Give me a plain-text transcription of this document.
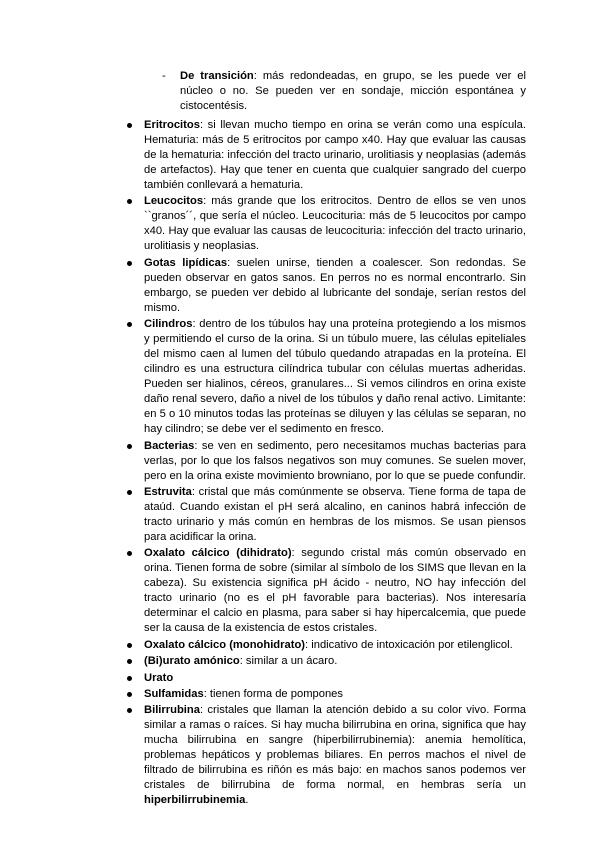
- De transición: más redondeadas, en grupo, se les puede ver el núcleo o no. Se pueden ver en sondaje, micción espontánea y cistocentésis.

Eritrocitos: si llevan mucho tiempo en orina se verán como una espícula. Hematuria: más de 5 eritrocitos por campo x40. Hay que evaluar las causas de la hematuria: infección del tracto urinario, urolitiasis y neoplasias (además de artefactos). Hay que tener en cuenta que cualquier sangrado del cuerpo también conllevará a hematuria.

Leucocitos: más grande que los eritrocitos. Dentro de ellos se ven unos ``granos´´, que sería el núcleo. Leucocituria: más de 5 leucocitos por campo x40. Hay que evaluar las causas de leucocituria: infección del tracto urinario, urolitiasis y neoplasias.

Gotas lipídicas: suelen unirse, tienden a coalescer. Son redondas. Se pueden observar en gatos sanos. En perros no es normal encontrarlo. Sin embargo, se pueden ver debido al lubricante del sondaje, serían restos del mismo.

Cilindros: dentro de los túbulos hay una proteína protegiendo a los mismos y permitiendo el curso de la orina. Si un túbulo muere, las células epiteliales del mismo caen al lumen del túbulo quedando atrapadas en la proteína. El cilindro es una estructura cilíndrica tubular con células muertas adheridas. Pueden ser hialinos, céreos, granulares... Si vemos cilindros en orina existe daño renal severo, daño a nivel de los túbulos y daño renal activo. Limitante: en 5 o 10 minutos todas las proteínas se diluyen y las células se separan, no hay cilindro; se debe ver el sedimento en fresco.

Bacterias: se ven en sedimento, pero necesitamos muchas bacterias para verlas, por lo que los falsos negativos son muy comunes. Se suelen mover, pero en la orina existe movimiento browniano, por lo que se puede confundir.

Estruvita: cristal que más comúnmente se observa. Tiene forma de tapa de ataúd. Cuando existan el pH será alcalino, en caninos habrá infección de tracto urinario y más común en hembras de los mismos. Se usan piensos para acidificar la orina.

Oxalato cálcico (dihidrato): segundo cristal más común observado en orina. Tienen forma de sobre (similar al símbolo de los SIMS que llevan en la cabeza). Su existencia significa pH ácido - neutro, NO hay infección del tracto urinario (no es el pH favorable para bacterias). Nos interesaría determinar el calcio en plasma, para saber si hay hipercalcemia, que puede ser la causa de la existencia de estos cristales.

Oxalato cálcico (monohidrato): indicativo de intoxicación por etilenglicol.

(Bi)urato amónico: similar a un ácaro.

Urato

Sulfamidas: tienen forma de pompones

Bilirrubina: cristales que llaman la atención debido a su color vivo. Forma similar a ramas o raíces. Si hay mucha bilirrubina en orina, significa que hay mucha bilirrubina en sangre (hiperbilirrubinemia): anemia hemolítica, problemas hepáticos y problemas biliares. En perros machos el nivel de filtrado de bilirrubina es riñón es más bajo: en machos sanos podemos ver cristales de bilirrubina de forma normal, en hembras sería un hiperbilirrubinemia.
